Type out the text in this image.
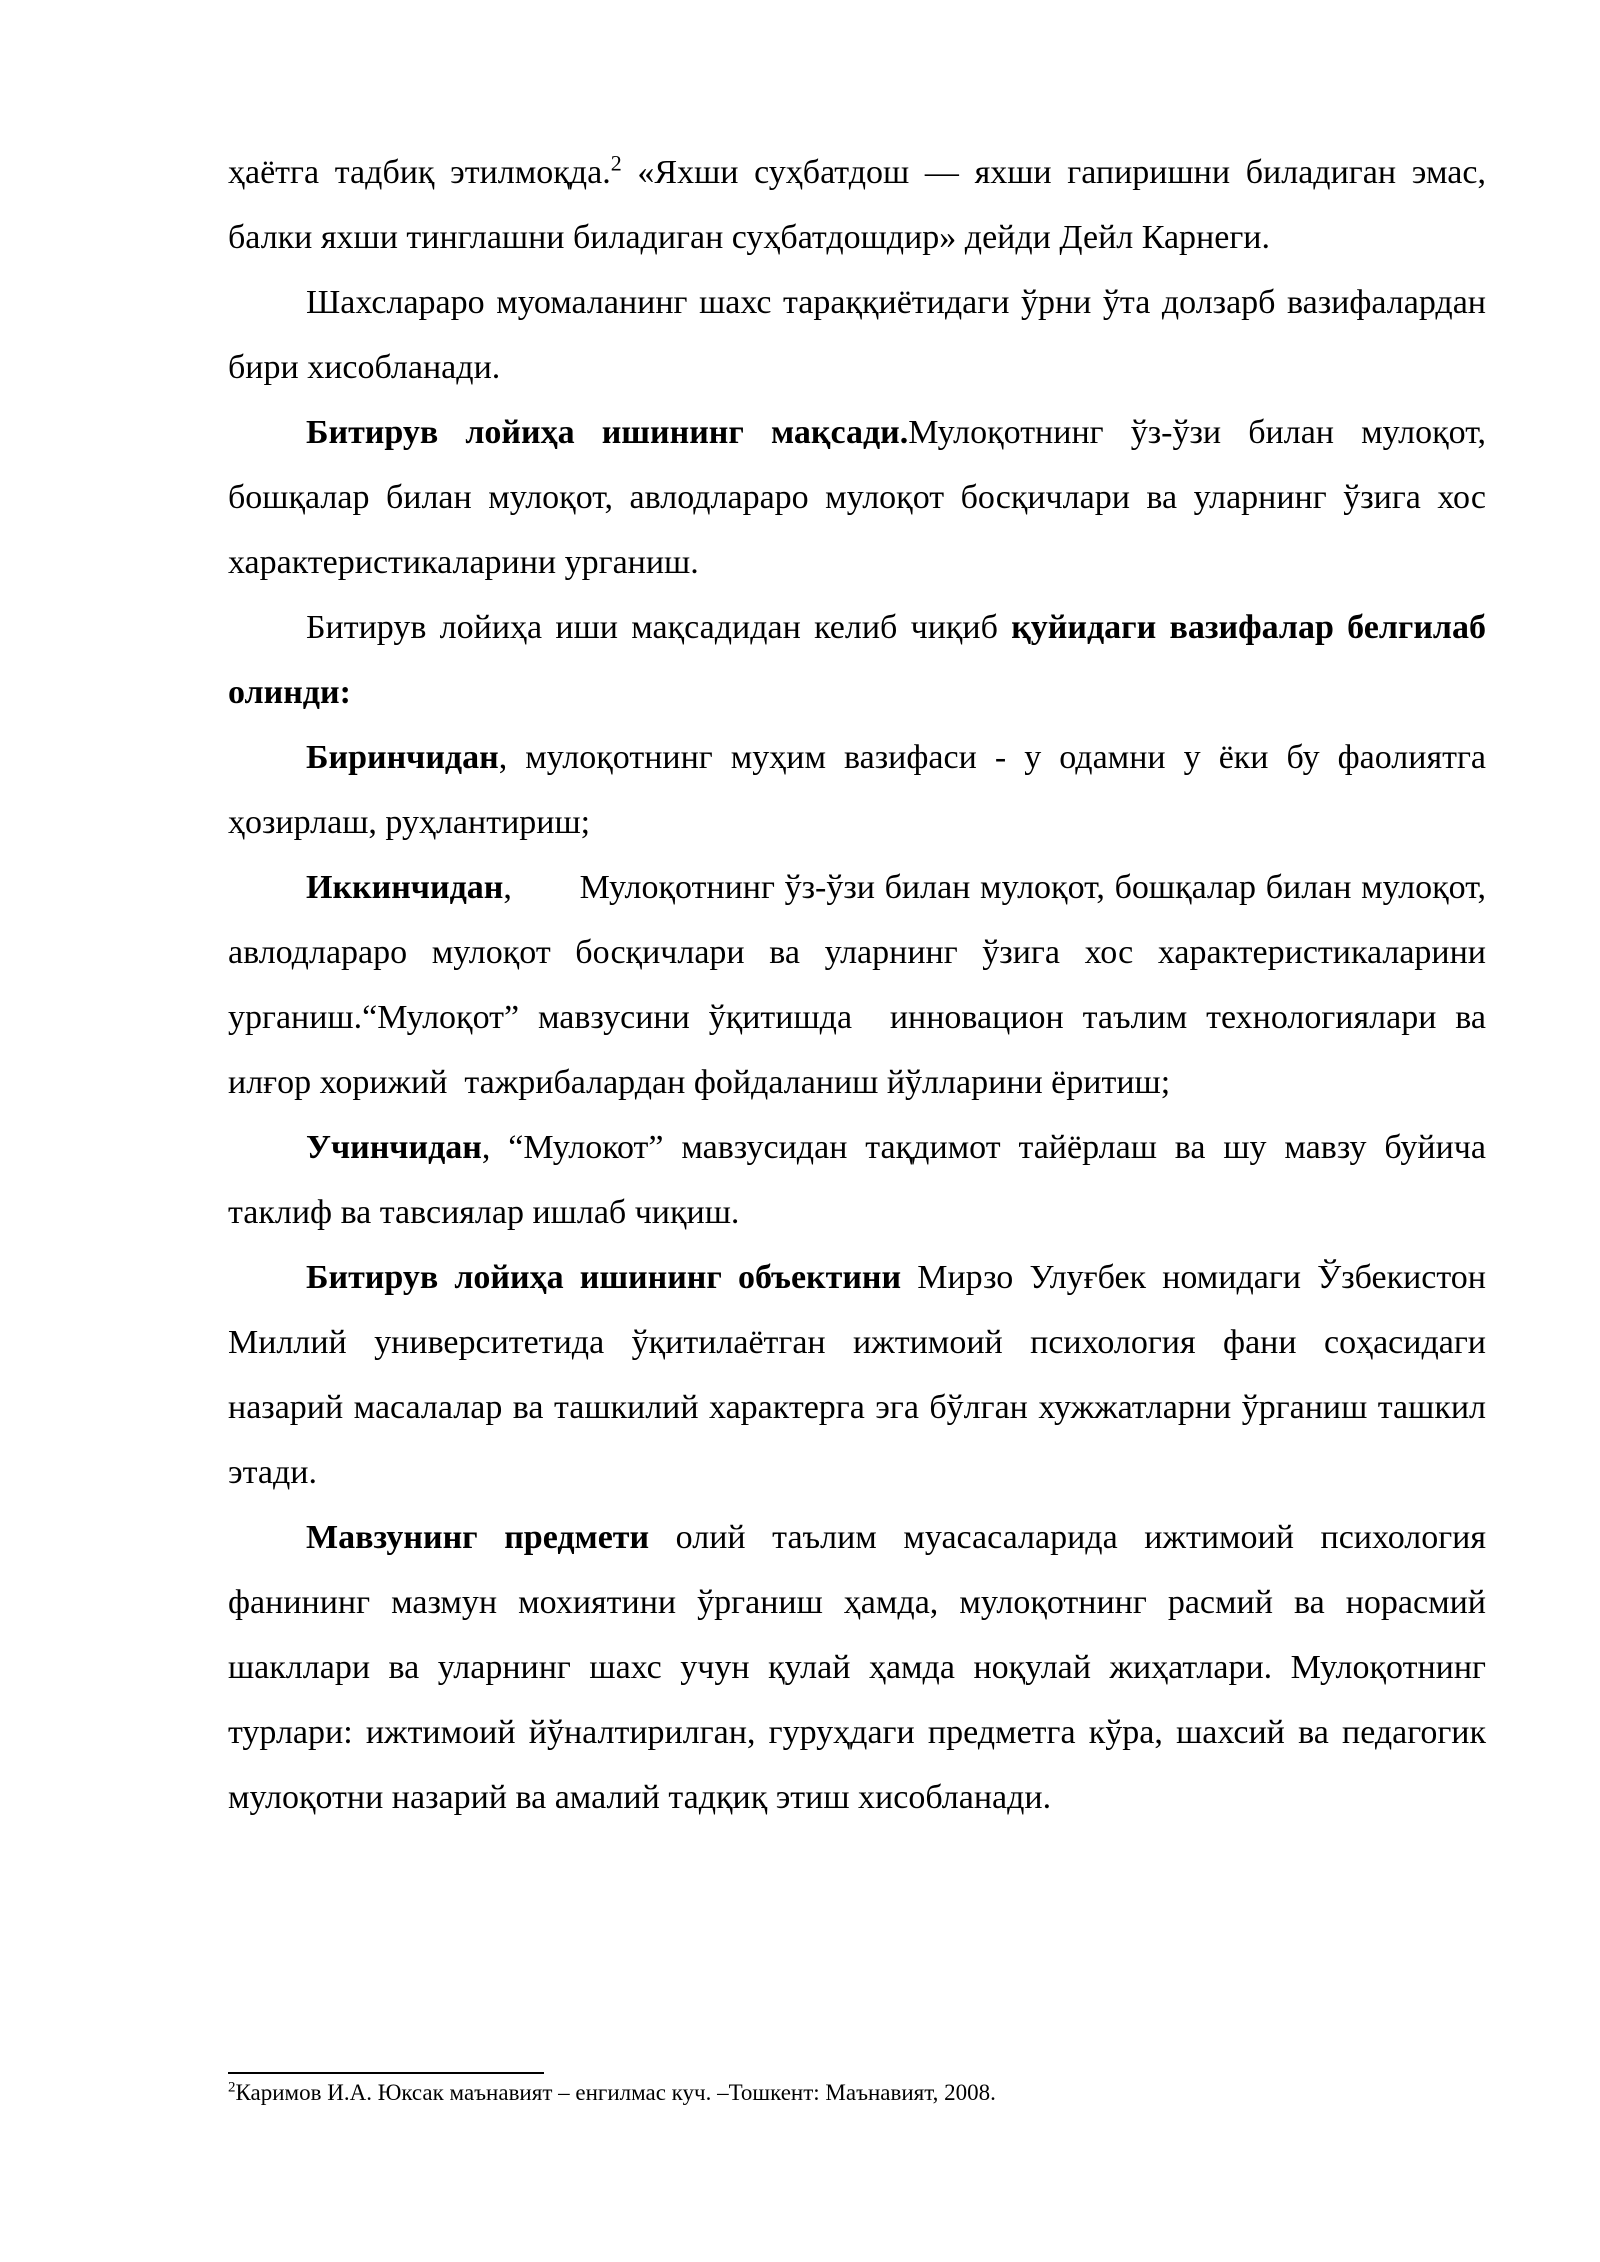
ҳаётга тадбиқ этилмоқда.$^2$ «Яхши суҳбатдош — яхши гапиришни биладиган эмас, балки яхши тинглашни биладиган суҳбатдошдир» дейди Дейл Карнеги.

Шахслараро муомаланинг шахс тараққиётидаги ўрни ўта долзарб вазифалардан бири хисобланади.

Битирув лойиҳа ишининг мақсади.Мулоқотнинг ўз-ўзи билан мулоқот, бошқалар билан мулоқот, авлодлараро мулоқот босқичлари ва уларнинг ўзига хос характеристикаларини урганиш.

Битирув лойиҳа иши мақсадидан келиб чиқиб қуйидаги вазифалар белгилаб олинди:

Биринчидан, мулоқотнинг муҳим вазифаси - у одамни у ёки бу фаолиятга ҳозирлаш, руҳлантириш;

Иккинчидан,       Мулоқотнинг ўз-ўзи билан мулоқот, бошқалар билан мулоқот, авлодлараро мулоқот босқичлари ва уларнинг ўзига хос характеристикаларини урганиш.“Мулоқот” мавзусини ўқитишда  инновацион таълим технологиялари ва илғор хорижий  тажрибалардан фойдаланиш йўлларини ёритиш;

Учинчидан, “Мулокот” мавзусидан тақдимот тайёрлаш ва шу мавзу буйича таклиф ва тавсиялар ишлаб чиқиш.

Битирув лойиҳа ишининг объектини Мирзо Улуғбек номидаги Ўзбекистон Миллий университетида ўқитилаётган ижтимоий психология фани соҳасидаги назарий масалалар ва ташкилий характерга эга бўлган хужжатларни ўрганиш ташкил этади.

Мавзунинг предмети олий таълим муасасаларида ижтимоий психология фанининг мазмун мохиятини ўрганиш ҳамда, мулоқотнинг расмий ва норасмий шакллари ва уларнинг шахс учун қулай ҳамда ноқулай жиҳатлари. Мулоқотнинг турлари: ижтимоий йўналтирилган, гуруҳдаги предметга кўра, шахсий ва педагогик мулоқотни назарий ва амалий тадқиқ этиш хисобланади.

$^2$Каримов И.А. Юксак маънавият – енгилмас куч. –Тошкент: Маънавият, 2008.
